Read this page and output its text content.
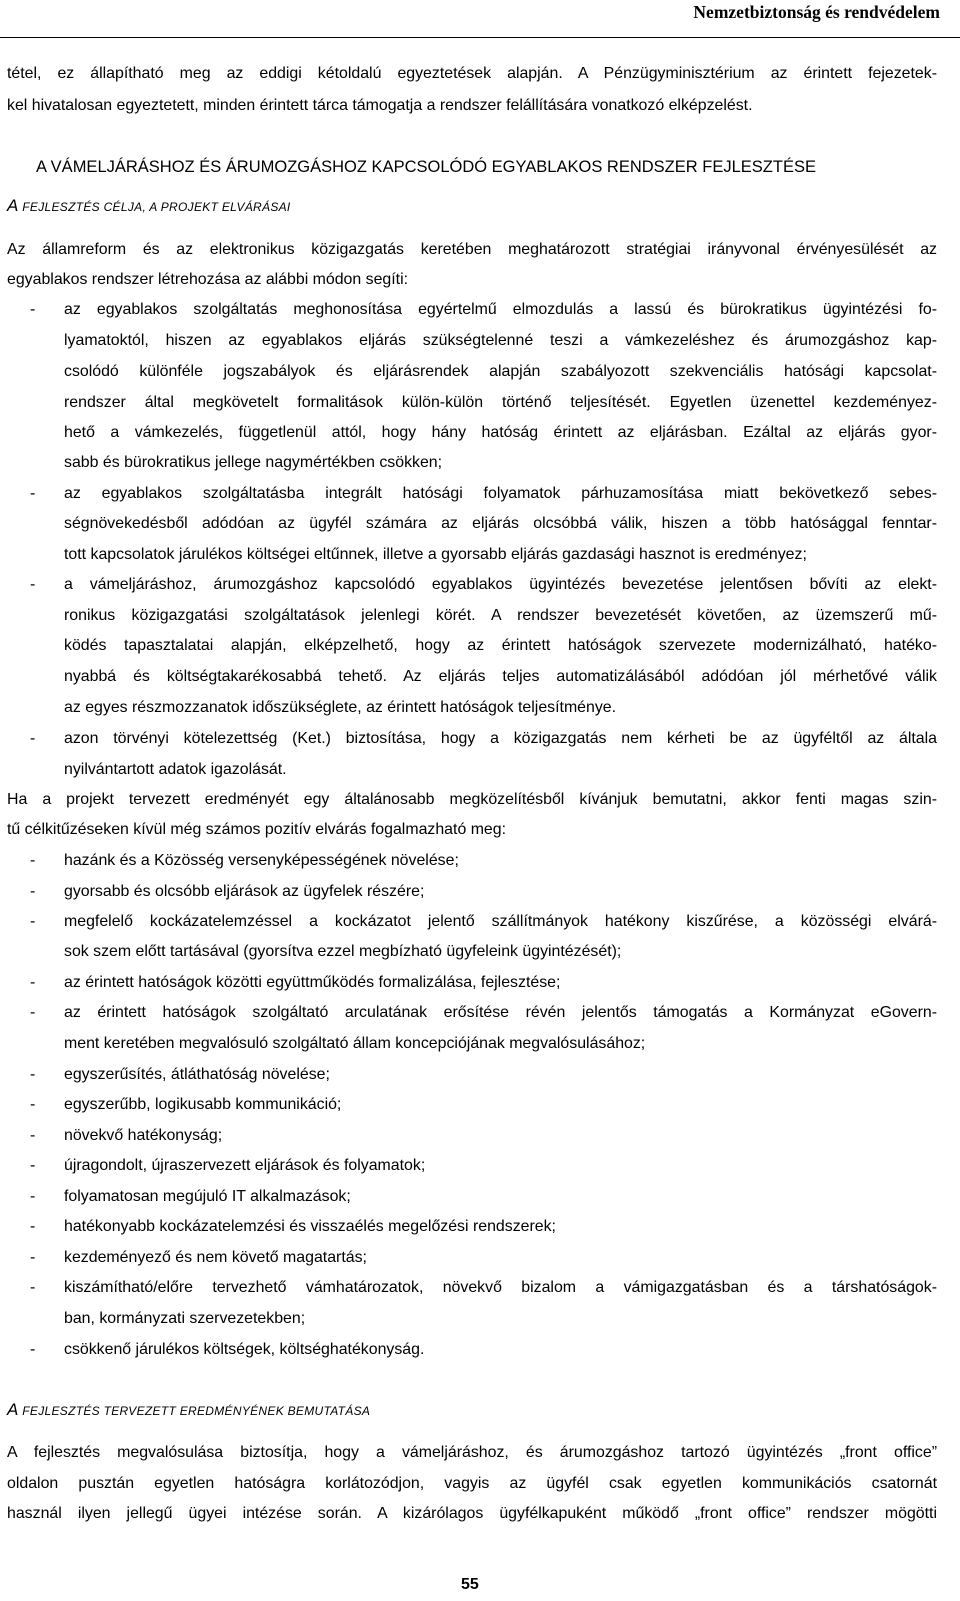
Nemzetbiztonság és rendvédelem
tétel, ez állapítható meg az eddigi kétoldalú egyeztetések alapján. A Pénzügyminisztérium az érintett fejezetek-
kel hivatalosan egyeztetett, minden érintett tárca támogatja a rendszer felállítására vonatkozó elképzelést.
A VÁMELJÁRÁSHOZ ÉS ÁRUMOZGÁSHOZ KAPCSOLÓDÓ EGYABLAKOS RENDSZER FEJLESZTÉSE
A FEJLESZTÉS CÉLJA, A PROJEKT ELVÁRÁSAI
Az államreform és az elektronikus közigazgatás keretében meghatározott stratégiai irányvonal érvényesülését az
egyablakos rendszer létrehozása az alábbi módon segíti:
-	az egyablakos szolgáltatás meghonosítása egyértelmű elmozdulás a lassú és bürokratikus ügyintézési fo-
lyamatoktól, hiszen az egyablakos eljárás szükségtelenné teszi a vámkezeléshez és árumozgáshoz kap-
csolódó különféle jogszabályok és eljárásrendek alapján szabályozott szekvenciális hatósági kapcsolat-
rendszer által megkövetelt formalitások külön-külön történő teljesítését. Egyetlen üzenettel kezdeményez-
hető a vámkezelés, függetlenül attól, hogy hány hatóság érintett az eljárásban. Ezáltal az eljárás gyor-
sabb és bürokratikus jellege nagymértékben csökken;
-	az egyablakos szolgáltatásba integrált hatósági folyamatok párhuzamosítása miatt bekövetkező sebes-
ségnövekedésből adódóan az ügyfél számára az eljárás olcsóbbá válik, hiszen a több hatósággal fenntar-
tott kapcsolatok járulékos költségei eltűnnek, illetve a gyorsabb eljárás gazdasági hasznot is eredményez;
-	a vámeljáráshoz, árumozgáshoz kapcsolódó egyablakos ügyintézés bevezetése jelentősen bővíti az elekt-
ronikus közigazgatási szolgáltatások jelenlegi körét. A rendszer bevezetését követően, az üzemszerű mű-
ködés tapasztalatai alapján, elképzelhető, hogy az érintett hatóságok szervezete modernizálható, hatéko-
nyabbá és költségtakarékosabbá tehető. Az eljárás teljes automatizálásából adódóan jól mérhetővé válik
az egyes részmozzanatok időszükséglete, az érintett hatóságok teljesítménye.
-	azon törvényi kötelezettség (Ket.) biztosítása, hogy a közigazgatás nem kérheti be az ügyféltől az általa
nyilvántartott adatok igazolását.
Ha a projekt tervezett eredményét egy általánosabb megközelítésből kívánjuk bemutatni, akkor fenti magas szin-
tű célkitűzéseken kívül még számos pozitív elvárás fogalmazható meg:
-	hazánk és a Közösség versenyképességének növelése;
-	gyorsabb és olcsóbb eljárások az ügyfelek részére;
-	megfelelő kockázatelemzéssel a kockázatot jelentő szállítmányok hatékony kiszűrése, a közösségi elvárá-
sok szem előtt tartásával (gyorsítva ezzel megbízható ügyfeleink ügyintézését);
-	az érintett hatóságok közötti együttműködés formalizálása, fejlesztése;
-	az érintett hatóságok szolgáltató arculatának erősítése révén jelentős támogatás a Kormányzat eGovern-
ment keretében megvalósuló szolgáltató állam koncepciójának megvalósulásához;
-	egyszerűsítés, átláthatóság növelése;
-	egyszerűbb, logikusabb kommunikáció;
-	növekvő hatékonyság;
-	újragondolt, újraszervezett eljárások és folyamatok;
-	folyamatosan megújuló IT alkalmazások;
-	hatékonyabb kockázatelemzési és visszaélés megelőzési rendszerek;
-	kezdeményező és nem követő magatartás;
-	kiszámítható/előre tervezhető vámhatározatok, növekvő bizalom a vámigazgatásban és a társhatóságok-
ban, kormányzati szervezetekben;
-	csökkenő járulékos költségek, költséghatékonyság.
A FEJLESZTÉS TERVEZETT EREDMÉNYÉNEK BEMUTATÁSA
A fejlesztés megvalósulása biztosítja, hogy a vámeljáráshoz, és árumozgáshoz tartozó ügyintézés „front office”
oldalon pusztán egyetlen hatóságra korlátozódjon, vagyis az ügyfél csak egyetlen kommunikációs csatornát
használ ilyen jellegű ügyei intézése során. A kizárólagos ügyfélkapuként működő „front office” rendszer mögötti
55
